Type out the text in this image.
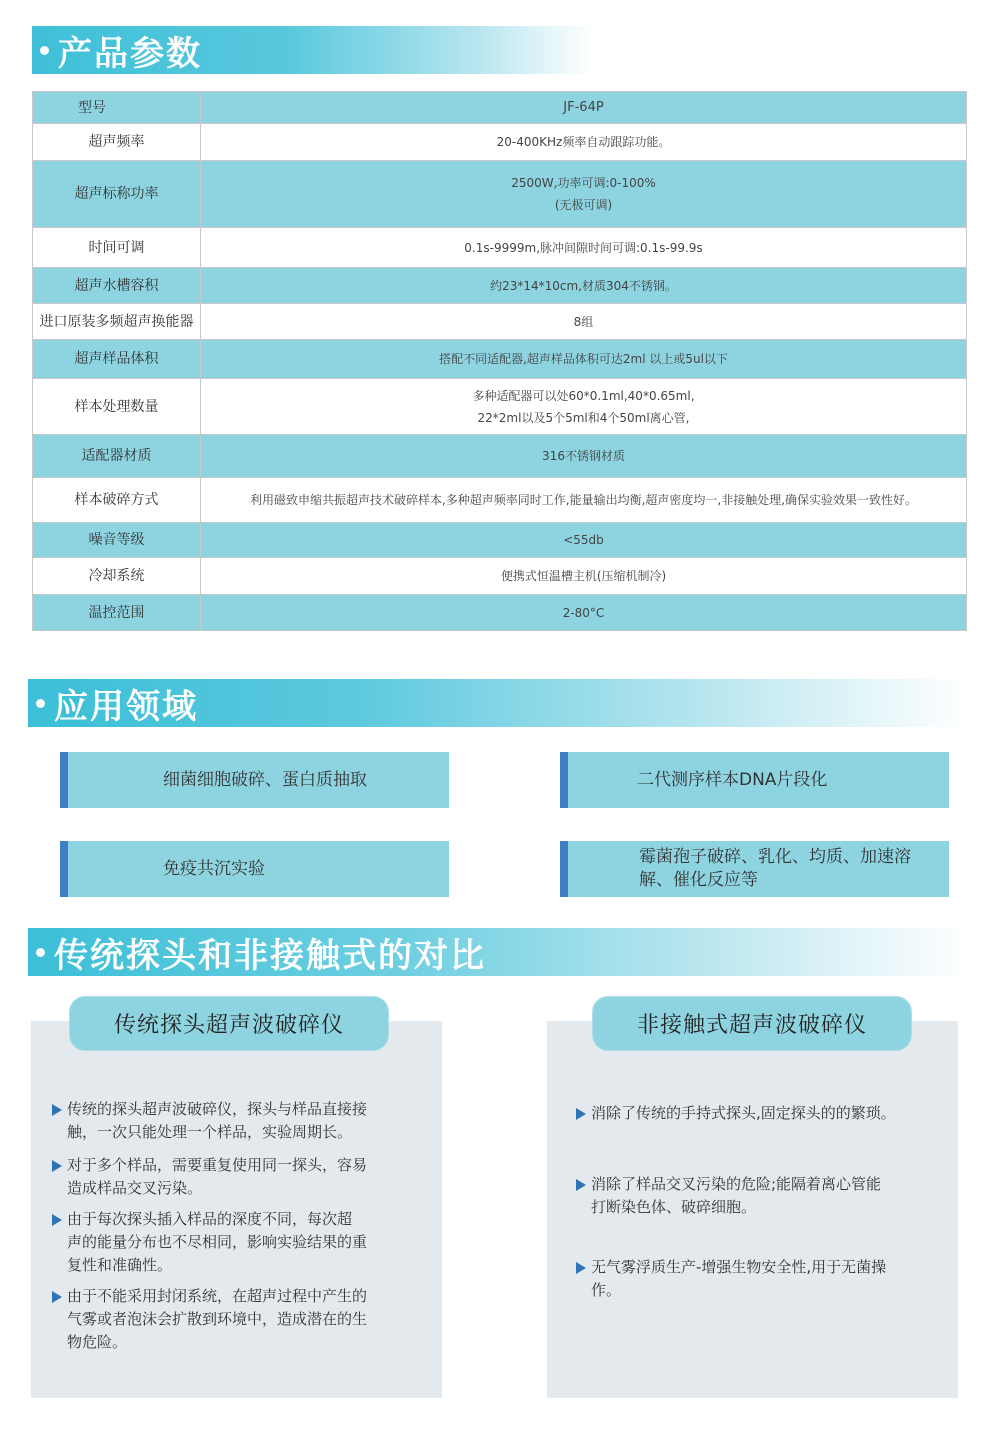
产品参数
型号	JF-64P

超声频率	20-400KHz频率自动跟踪功能。

超声标称功率	2500W,功率可调:0-100%
(无极可调)

时间可调	0.1s-9999m,脉冲间隙时间可调:0.1s-99.9s

超声水槽容积	约23*14*10cm,材质304不锈钢。

进口原装多频超声换能器	8组

超声样品体积	搭配不同适配器,超声样品体积可达2ml 以上或5ul以下

样本处理数量	多种适配器可以处60*0.1ml,40*0.65ml,
22*2ml以及5个5ml和4个50ml离心管,

适配器材质	316不锈钢材质

样本破碎方式	利用磁致申缩共振超声技术破碎样本,多种超声频率同时工作,能量输出均衡,超声密度均一,非接触处理,确保实验效果一致性好。

噪音等级	<55db

冷却系统	便携式恒温槽主机(压缩机制冷)

温控范围	2-80°C
应用领域
细菌细胞破碎、蛋白质抽取	二代测序样本DNA片段化
免疫共沉实验
霉菌孢子破碎、乳化、均质、加速溶
解、催化反应等
传统探头和非接触式的对比
传统探头超声波破碎仪	非接触式超声波破碎仪
传统的探头超声波破碎仪，探头与样品直接接
触，一次只能处理一个样品，实验周期长。
对于多个样品，需要重复使用同一探头，容易
造成样品交叉污染。
由于每次探头插入样品的深度不同，每次超
声的能量分布也不尽相同，影响实验结果的重
复性和准确性。
由于不能采用封闭系统，在超声过程中产生的
气雾或者泡沫会扩散到环境中，造成潜在的生
物危险。
消除了传统的手持式探头,固定探头的的繁琐。
消除了样品交叉污染的危险;能隔着离心管能
打断染色体、破碎细胞。
无气雾浮质生产-增强生物安全性,用于无菌操
作。
